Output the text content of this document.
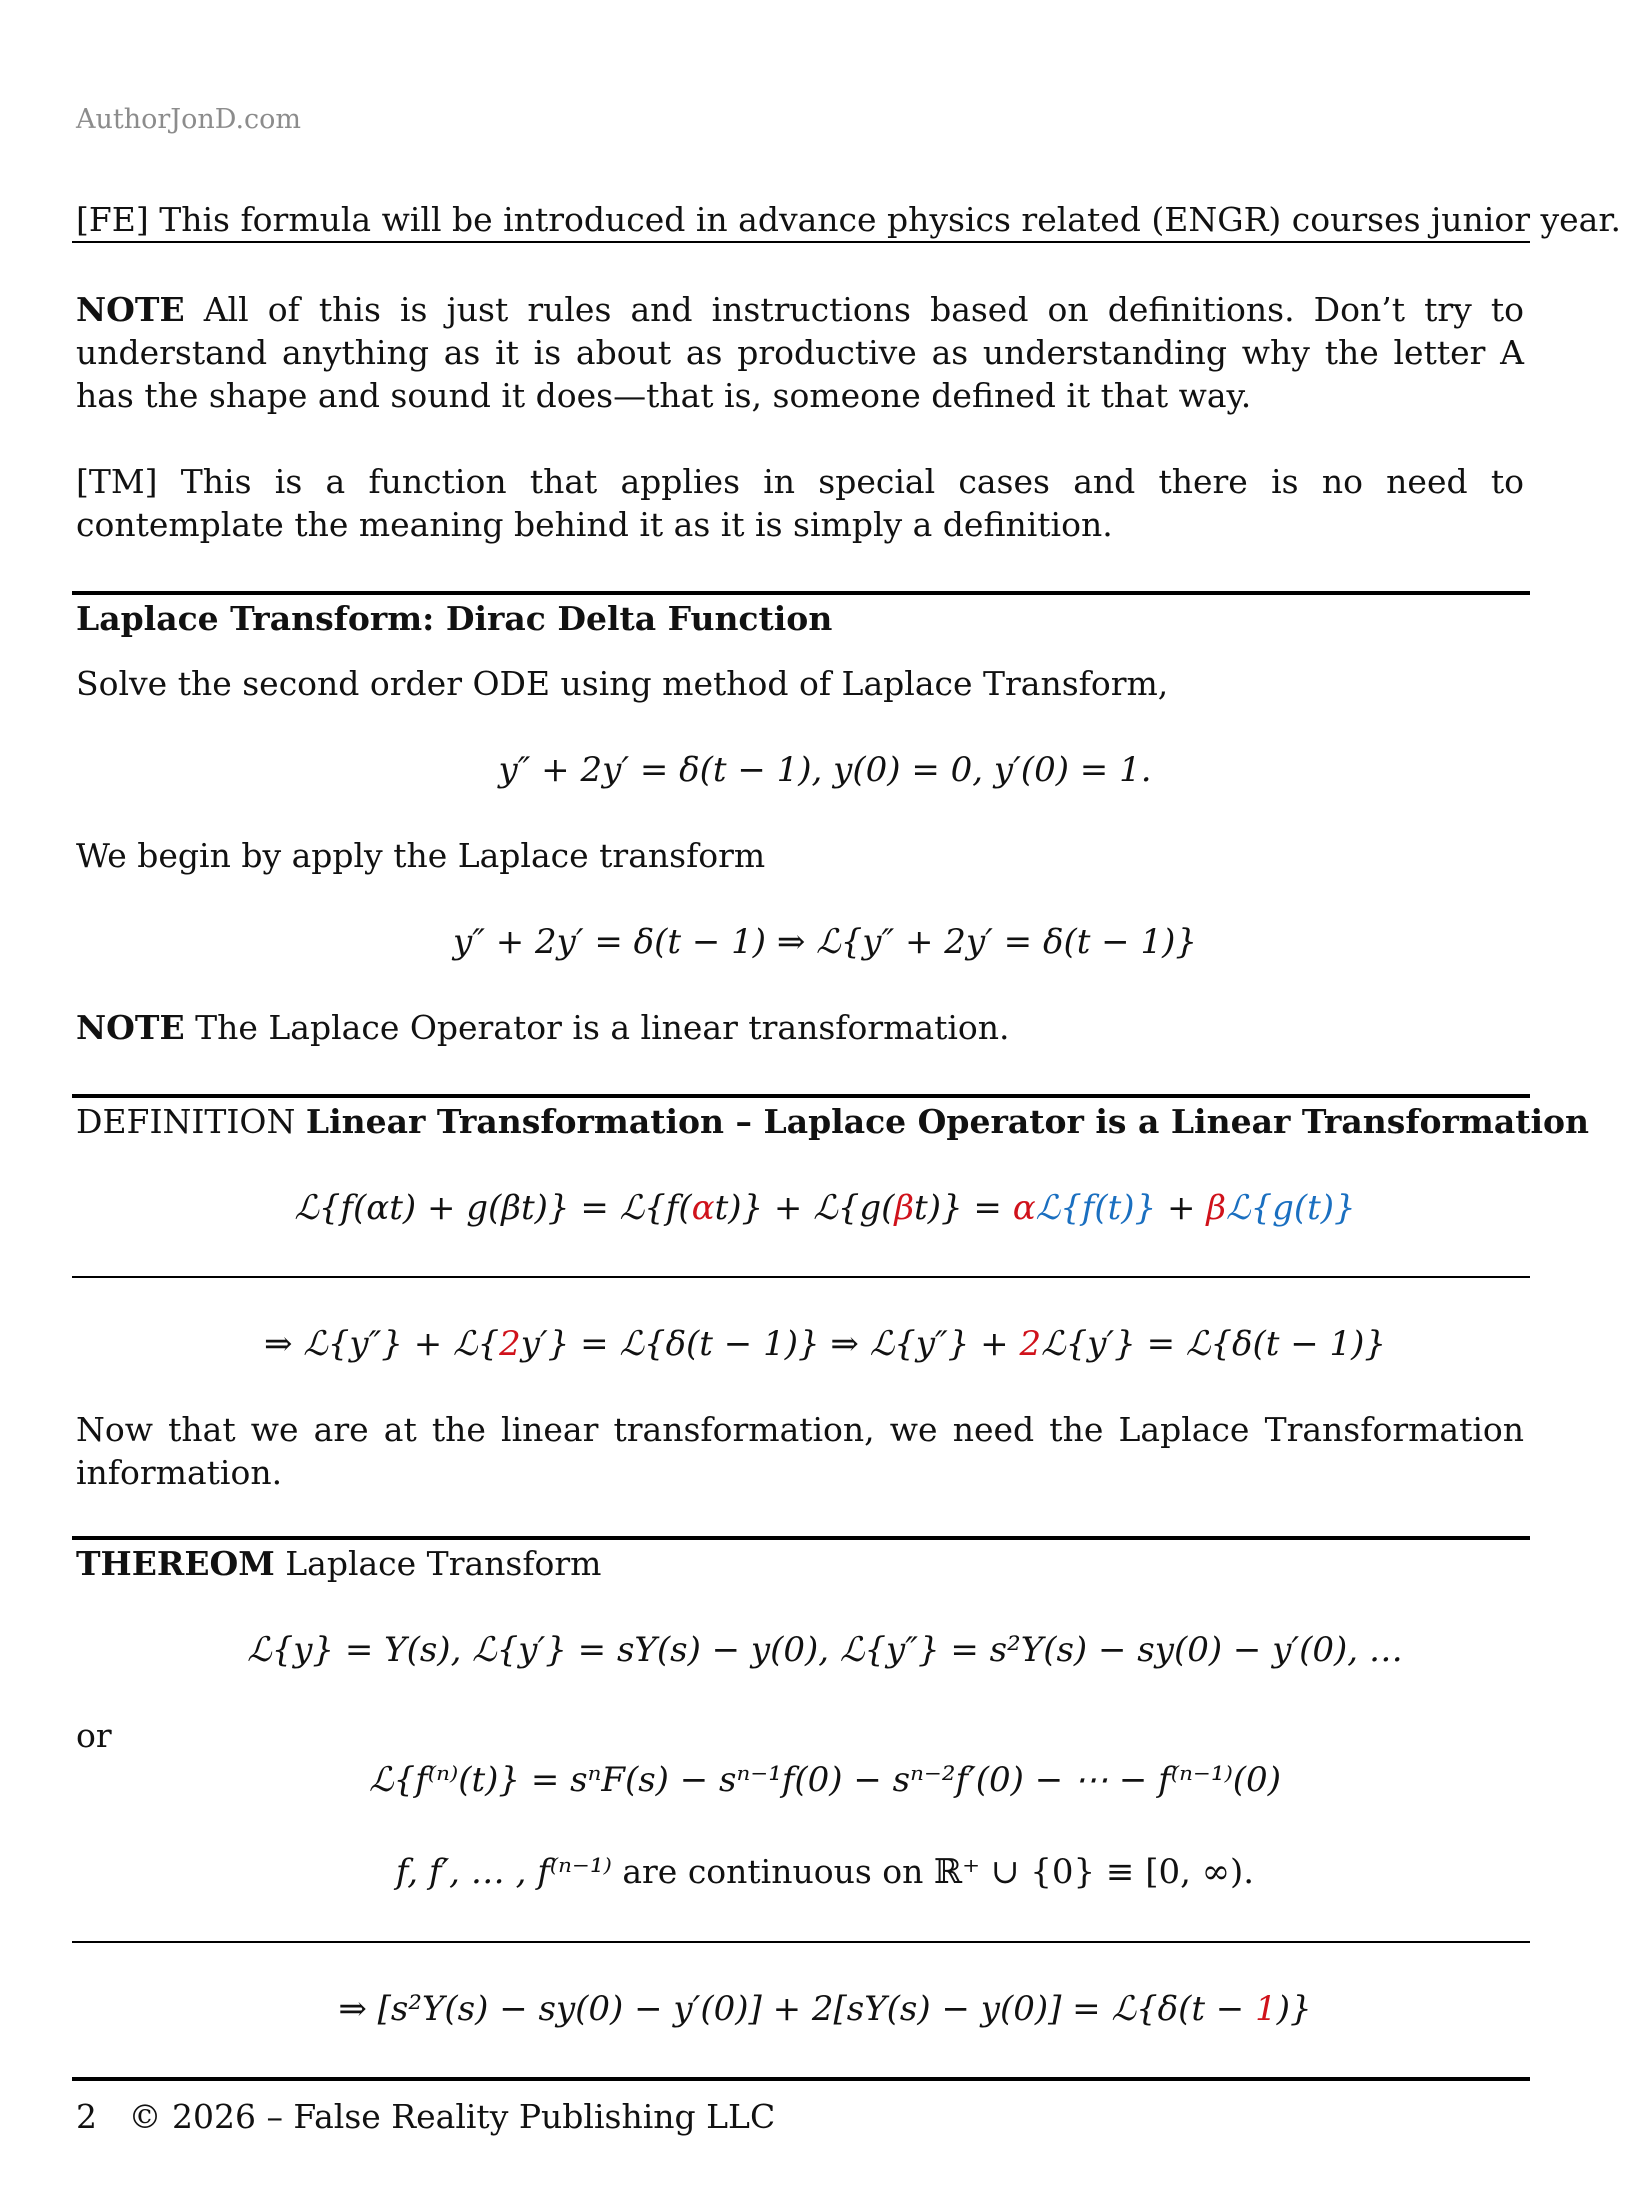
AuthorJonD.com
[FE] This formula will be introduced in advance physics related (ENGR) courses junior year.
NOTE All of this is just rules and instructions based on definitions. Don’t try to understand anything as it is about as productive as understanding why the letter A has the shape and sound it does—that is, someone defined it that way.
[TM] This is a function that applies in special cases and there is no need to contemplate the meaning behind it as it is simply a definition.
Laplace Transform: Dirac Delta Function
Solve the second order ODE using method of Laplace Transform,
y″ + 2y′ = δ(t − 1), y(0) = 0, y′(0) = 1.
We begin by apply the Laplace transform
y″ + 2y′ = δ(t − 1) ⇒ ℒ{y″ + 2y′ = δ(t − 1)}
NOTE The Laplace Operator is a linear transformation.
DEFINITION Linear Transformation – Laplace Operator is a Linear Transformation
ℒ{f(αt) + g(βt)} = ℒ{f(αt)} + ℒ{g(βt)} = αℒ{f(t)} + βℒ{g(t)}
⇒ ℒ{y″} + ℒ{2y′} = ℒ{δ(t − 1)} ⇒ ℒ{y″} + 2ℒ{y′} = ℒ{δ(t − 1)}
Now that we are at the linear transformation, we need the Laplace Transformation information.
THEREOM Laplace Transform
ℒ{y} = Y(s), ℒ{y′} = sY(s) − y(0), ℒ{y″} = s²Y(s) − sy(0) − y′(0), …
or
ℒ{f⁽ⁿ⁾(t)} = sⁿF(s) − sⁿ⁻¹f(0) − sⁿ⁻²f′(0) − ⋯ − f⁽ⁿ⁻¹⁾(0)
f, f′, … , f⁽ⁿ⁻¹⁾ are continuous on ℝ⁺ ∪ {0} ≡ [0, ∞).
⇒ [s²Y(s) − sy(0) − y′(0)] + 2[sY(s) − y(0)] = ℒ{δ(t − 1)}
2 © 2026 – False Reality Publishing LLC
